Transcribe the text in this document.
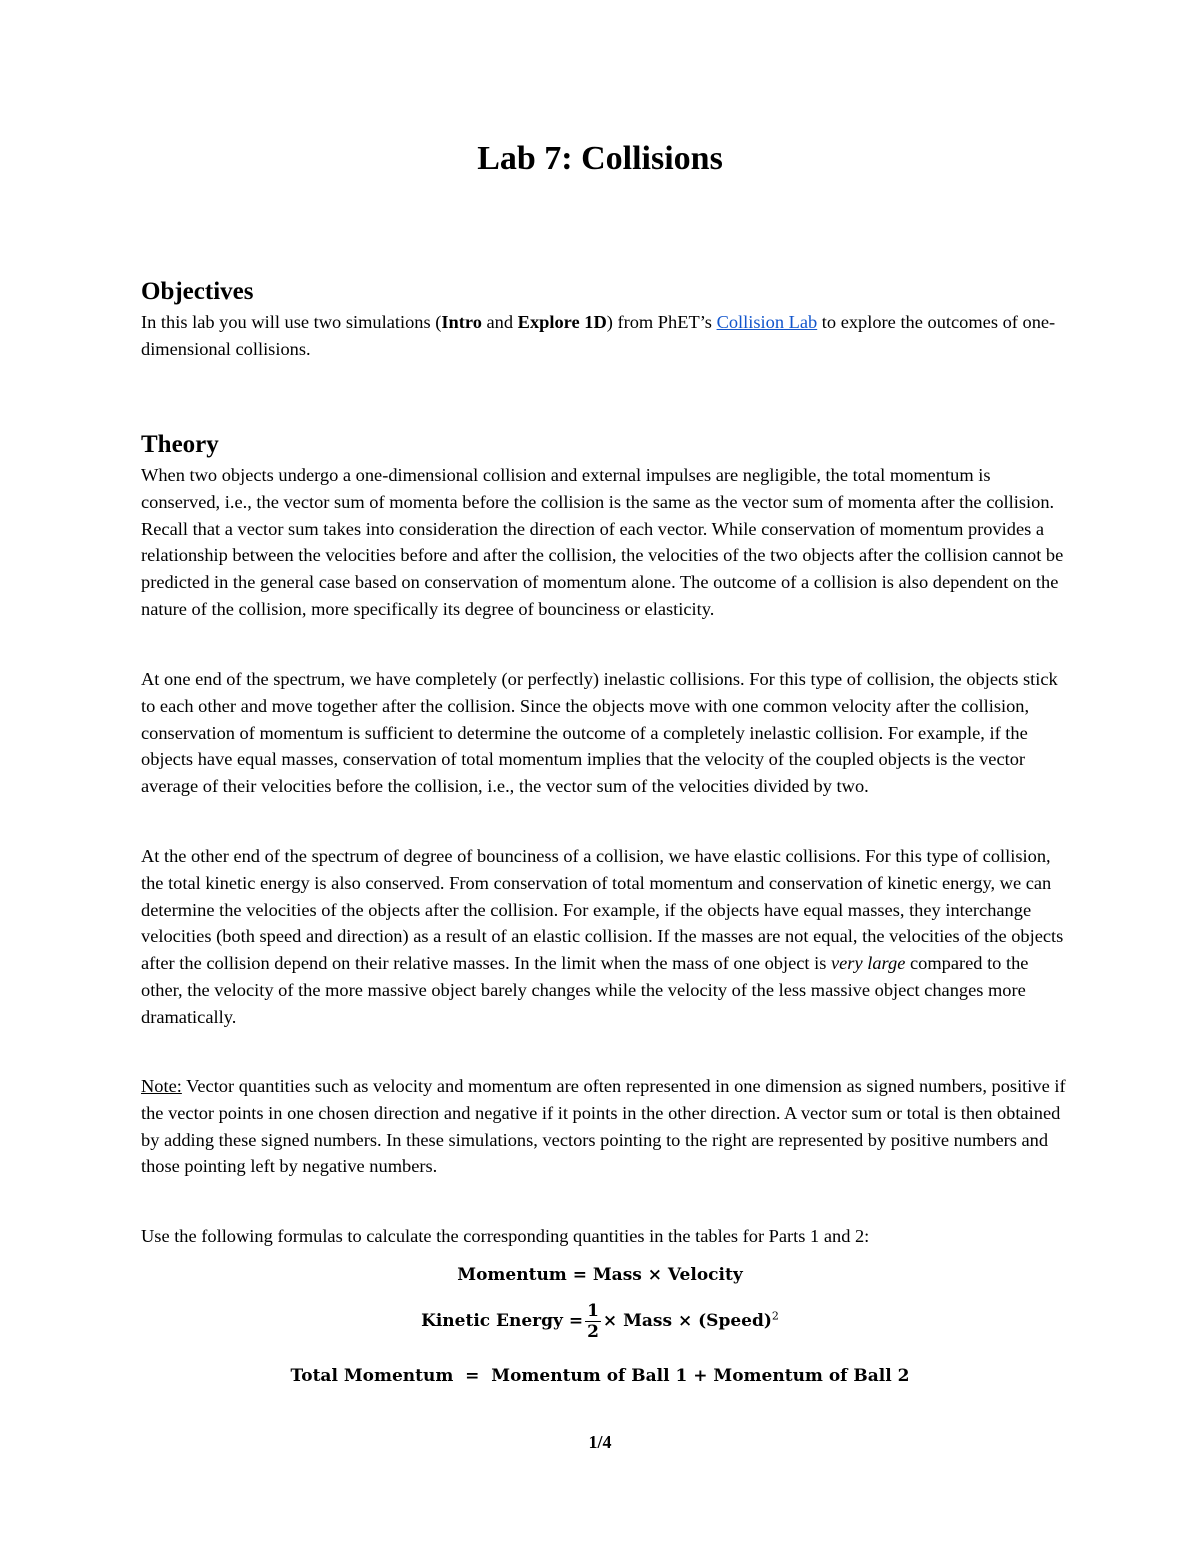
Lab 7: Collisions
Objectives
In this lab you will use two simulations (Intro and Explore 1D) from PhET’s Collision Lab to explore the outcomes of one-dimensional collisions.
Theory
When two objects undergo a one-dimensional collision and external impulses are negligible, the total momentum is conserved, i.e., the vector sum of momenta before the collision is the same as the vector sum of momenta after the collision. Recall that a vector sum takes into consideration the direction of each vector. While conservation of momentum provides a relationship between the velocities before and after the collision, the velocities of the two objects after the collision cannot be predicted in the general case based on conservation of momentum alone. The outcome of a collision is also dependent on the nature of the collision, more specifically its degree of bounciness or elasticity.
At one end of the spectrum, we have completely (or perfectly) inelastic collisions. For this type of collision, the objects stick to each other and move together after the collision. Since the objects move with one common velocity after the collision, conservation of momentum is sufficient to determine the outcome of a completely inelastic collision. For example, if the objects have equal masses, conservation of total momentum implies that the velocity of the coupled objects is the vector average of their velocities before the collision, i.e., the vector sum of the velocities divided by two.
At the other end of the spectrum of degree of bounciness of a collision, we have elastic collisions. For this type of collision, the total kinetic energy is also conserved. From conservation of total momentum and conservation of kinetic energy, we can determine the velocities of the objects after the collision. For example, if the objects have equal masses, they interchange velocities (both speed and direction) as a result of an elastic collision. If the masses are not equal, the velocities of the objects after the collision depend on their relative masses. In the limit when the mass of one object is very large compared to the other, the velocity of the more massive object barely changes while the velocity of the less massive object changes more dramatically.
Note: Vector quantities such as velocity and momentum are often represented in one dimension as signed numbers, positive if the vector points in one chosen direction and negative if it points in the other direction. A vector sum or total is then obtained by adding these signed numbers. In these simulations, vectors pointing to the right are represented by positive numbers and those pointing left by negative numbers.
Use the following formulas to calculate the corresponding quantities in the tables for Parts 1 and 2:
Momentum = Mass × Velocity
Kinetic Energy = $\frac{1}{2}$ × Mass × (Speed)$^2$
Total Momentum  =  Momentum of Ball 1 + Momentum of Ball 2
1/4
